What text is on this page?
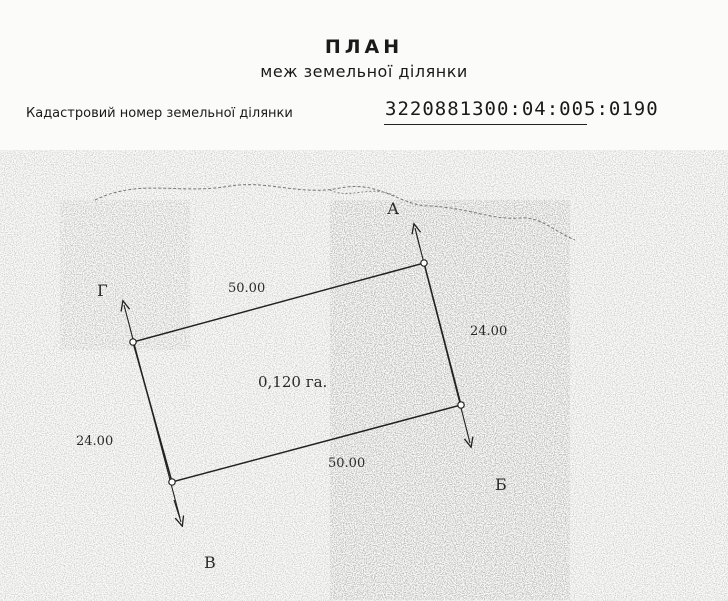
ПЛАН
меж земельної ділянки
Кадастровий номер земельної ділянки	3220881300:04:005:0190
А
Б
В
Г	50.00
24.00
50.00
24.00
0,120 га.
